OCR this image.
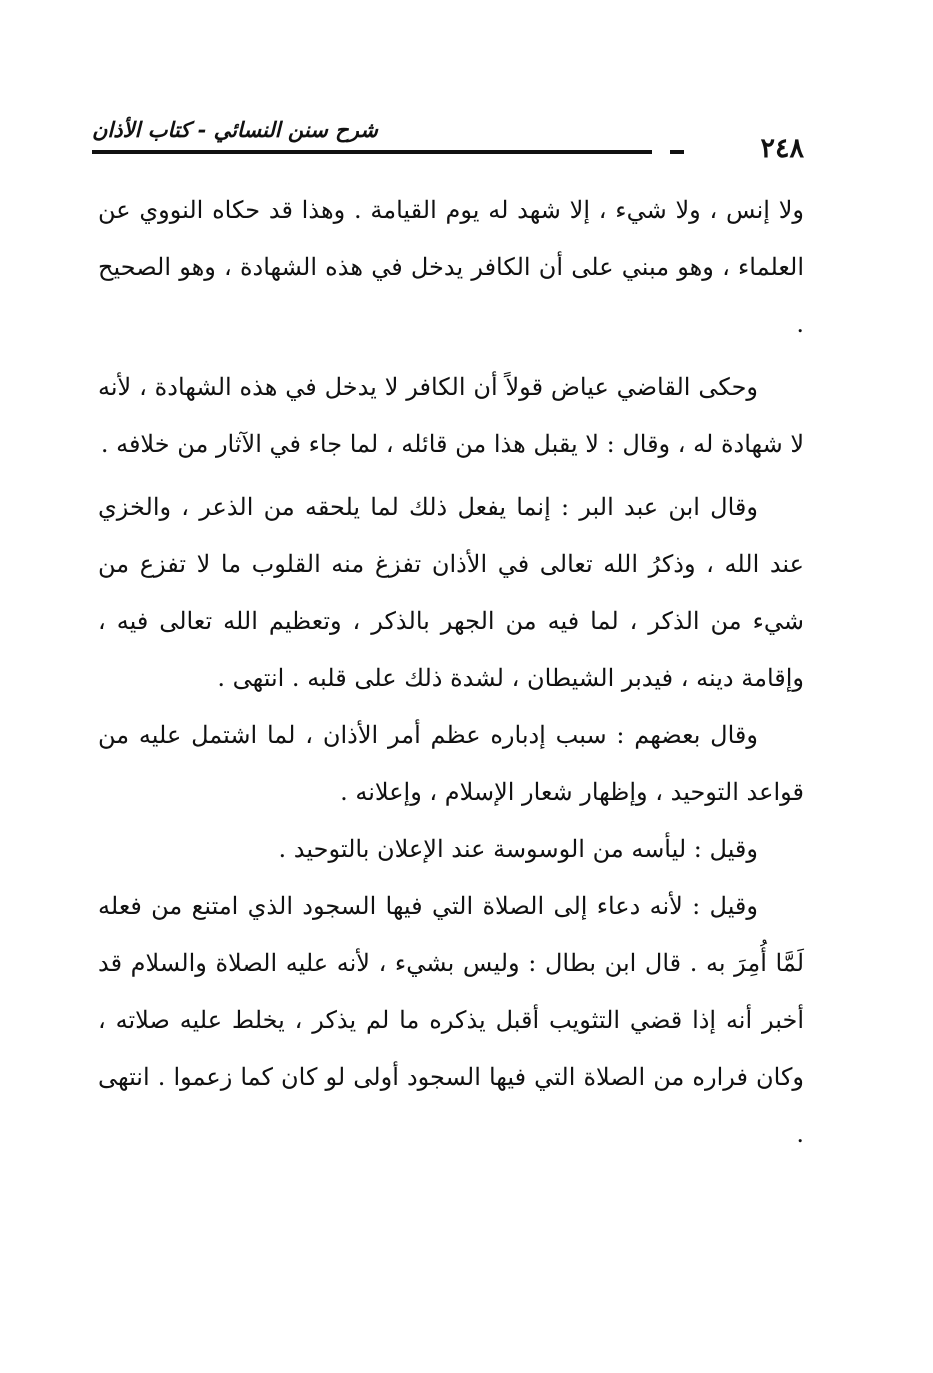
٢٤٨
شرح سنن النسائي - كتاب الأذان

ولا إنس ، ولا شيء ، إلا شهد له يوم القيامة . وهذا قد حكاه النووي عن العلماء ، وهو مبني على أن الكافر يدخل في هذه الشهادة ، وهو الصحيح .

وحكى القاضي عياض قولاً أن الكافر لا يدخل في هذه الشهادة ، لأنه لا شهادة له ، وقال : لا يقبل هذا من قائله ، لما جاء في الآثار من خلافه .

وقال ابن عبد البر : إنما يفعل ذلك لما يلحقه من الذعر ، والخزي عند الله ، وذكرُ الله تعالى في الأذان تفزغ منه القلوب ما لا تفزع من شيء من الذكر ، لما فيه من الجهر بالذكر ، وتعظيم الله تعالى فيه ، وإقامة دينه ، فيدبر الشيطان ، لشدة ذلك على قلبه . انتهى .

وقال بعضهم : سبب إدباره عظم أمر الأذان ، لما اشتمل عليه من قواعد التوحيد ، وإظهار شعار الإسلام ، وإعلانه .

وقيل : ليأسه من الوسوسة عند الإعلان بالتوحيد .

وقيل : لأنه دعاء إلى الصلاة التي فيها السجود الذي امتنع من فعله لَمَّا أُمِرَ به . قال ابن بطال : وليس بشيء ، لأنه عليه الصلاة والسلام قد أخبر أنه إذا قضي التثويب أقبل يذكره ما لم يذكر ، يخلط عليه صلاته ، وكان فراره من الصلاة التي فيها السجود أولى لو كان كما زعموا . انتهى .
